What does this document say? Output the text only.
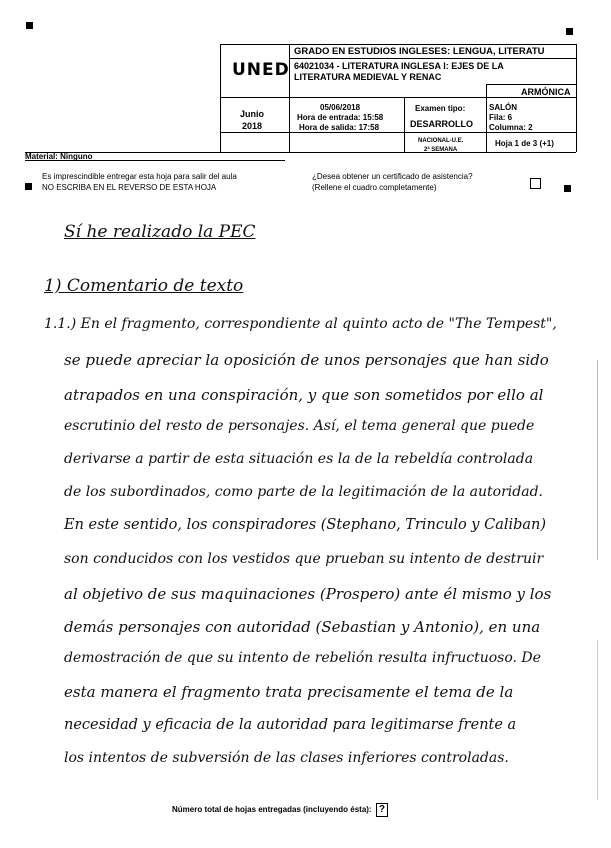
UNED
GRADO EN ESTUDIOS INGLESES: LENGUA, LITERATU
64021034 - LITERATURA INGLESA I: EJES DE LA
LITERATURA MEDIEVAL Y RENAC
ARMÓNICA
Junio
2018
05/06/2018
Hora de entrada: 15:58
Hora de salida: 17:58
Examen tipo:
DESARROLLO
SALÓN
Fila: 6
Columna: 2
NACIONAL-U.E.
2ª SEMANA
Hoja 1 de 3 (+1)
Material: Ninguno
Es imprescindible entregar esta hoja para salir del aula
NO ESCRIBA EN EL REVERSO DE ESTA HOJA
¿Desea obtener un certificado de asistencia?
(Rellene el cuadro completamente)
Sí he realizado la PEC
1) Comentario de texto
1.1.) En el fragmento, correspondiente al quinto acto de "The Tempest",
se puede apreciar la oposición de unos personajes que han sido
atrapados en una conspiración, y que son sometidos por ello al
escrutinio del resto de personajes. Así, el tema general que puede
derivarse a partir de esta situación es la de la rebeldía controlada
de los subordinados, como parte de la legitimación de la autoridad.
En este sentido, los conspiradores (Stephano, Trinculo y Caliban)
son conducidos con los vestidos que prueban su intento de destruir
al objetivo de sus maquinaciones (Prospero) ante él mismo y los
demás personajes con autoridad (Sebastian y Antonio), en una
demostración de que su intento de rebelión resulta infructuoso. De
esta manera el fragmento trata precisamente el tema de la
necesidad y eficacia de la autoridad para legitimarse frente a
los intentos de subversión de las clases inferiores controladas.
Número total de hojas entregadas (incluyendo ésta): ?
